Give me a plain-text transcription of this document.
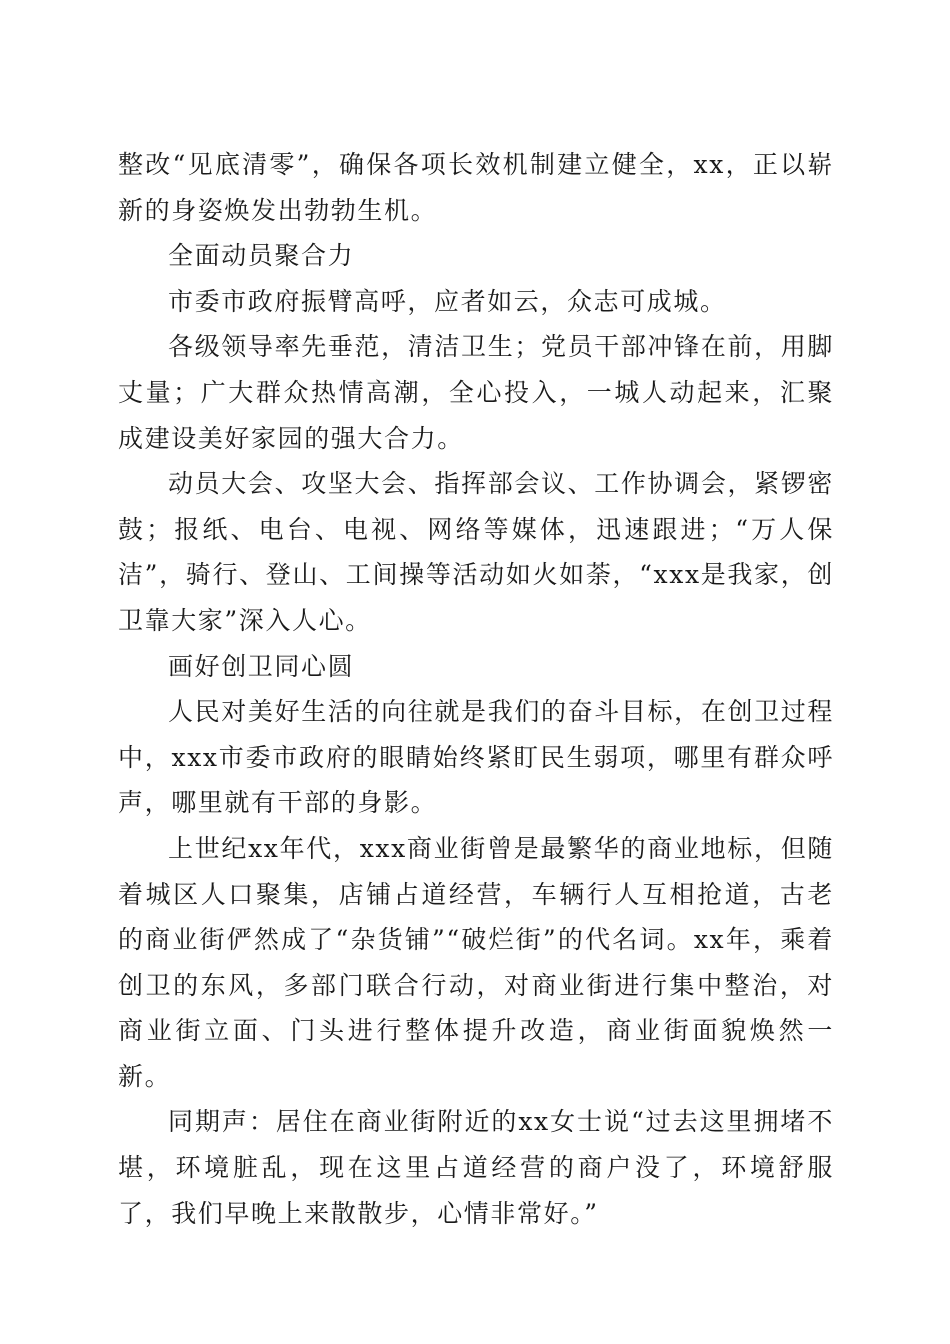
整改“见底清零”，确保各项长效机制建立健全，xx，正以崭新的身姿焕发出勃勃生机。

全面动员聚合力

市委市政府振臂高呼，应者如云，众志可成城。

各级领导率先垂范，清洁卫生；党员干部冲锋在前，用脚丈量；广大群众热情高潮，全心投入，一城人动起来，汇聚成建设美好家园的强大合力。

动员大会、攻坚大会、指挥部会议、工作协调会，紧锣密鼓；报纸、电台、电视、网络等媒体，迅速跟进；“万人保洁”，骑行、登山、工间操等活动如火如荼，“xxx是我家，创卫靠大家”深入人心。

画好创卫同心圆

人民对美好生活的向往就是我们的奋斗目标，在创卫过程中，xxx市委市政府的眼睛始终紧盯民生弱项，哪里有群众呼声，哪里就有干部的身影。

上世纪xx年代，xxx商业街曾是最繁华的商业地标，但随着城区人口聚集，店铺占道经营，车辆行人互相抢道，古老的商业街俨然成了“杂货铺”“破烂街”的代名词。xx年，乘着创卫的东风，多部门联合行动，对商业街进行集中整治，对商业街立面、门头进行整体提升改造，商业街面貌焕然一新。

同期声：居住在商业街附近的xx女士说“过去这里拥堵不堪，环境脏乱，现在这里占道经营的商户没了，环境舒服了，我们早晚上来散散步，心情非常好。”
